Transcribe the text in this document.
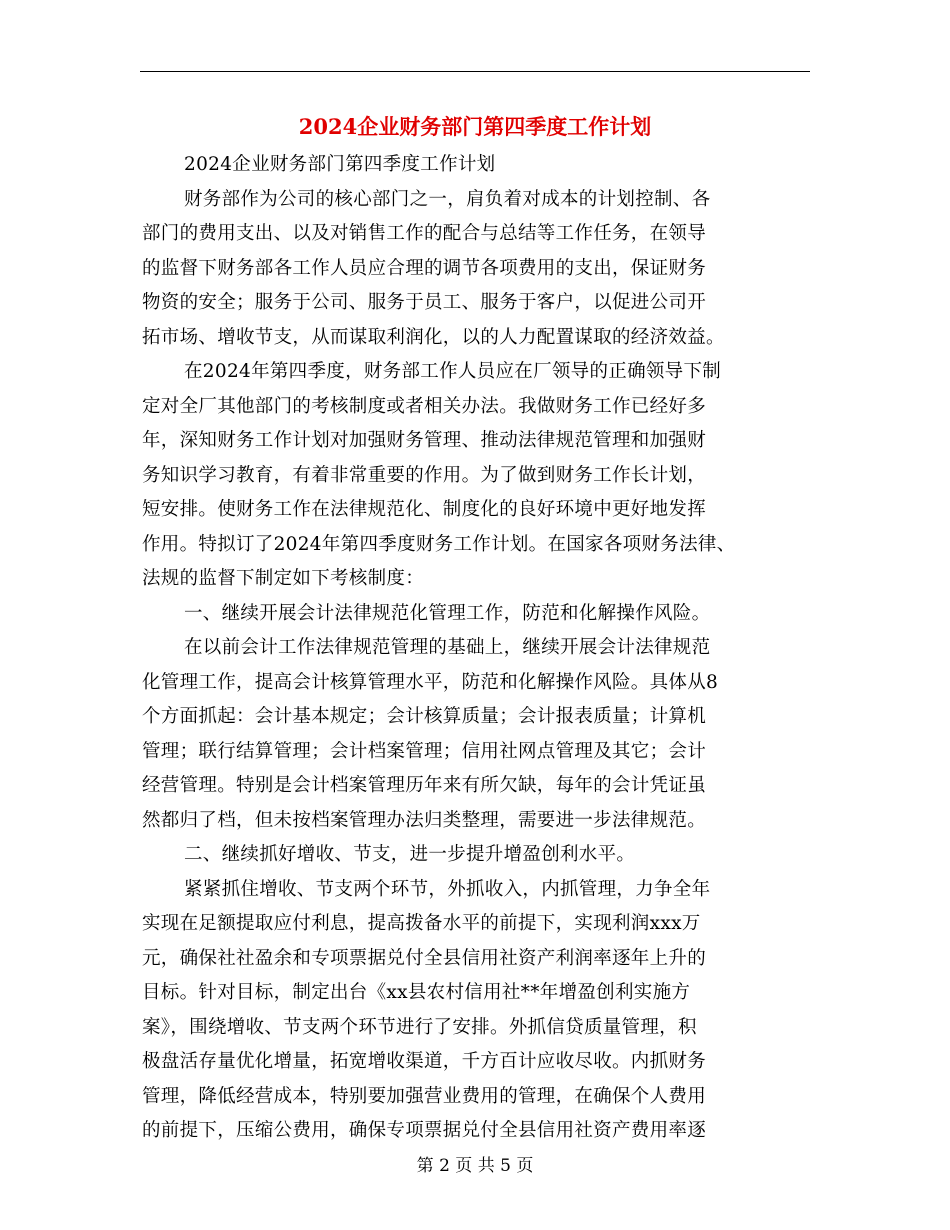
2024企业财务部门第四季度工作计划
2024企业财务部门第四季度工作计划
财务部作为公司的核心部门之一，肩负着对成本的计划控制、各
部门的费用支出、以及对销售工作的配合与总结等工作任务，在领导
的监督下财务部各工作人员应合理的调节各项费用的支出，保证财务
物资的安全；服务于公司、服务于员工、服务于客户，以促进公司开
拓市场、增收节支，从而谋取利润化，以的人力配置谋取的经济效益。
在2024年第四季度，财务部工作人员应在厂领导的正确领导下制
定对全厂其他部门的考核制度或者相关办法。我做财务工作已经好多
年，深知财务工作计划对加强财务管理、推动法律规范管理和加强财
务知识学习教育，有着非常重要的作用。为了做到财务工作长计划，
短安排。使财务工作在法律规范化、制度化的良好环境中更好地发挥
作用。特拟订了2024年第四季度财务工作计划。在国家各项财务法律、
法规的监督下制定如下考核制度：
一、继续开展会计法律规范化管理工作，防范和化解操作风险。
在以前会计工作法律规范管理的基础上，继续开展会计法律规范
化管理工作，提高会计核算管理水平，防范和化解操作风险。具体从8
个方面抓起：会计基本规定；会计核算质量；会计报表质量；计算机
管理；联行结算管理；会计档案管理；信用社网点管理及其它；会计
经营管理。特别是会计档案管理历年来有所欠缺，每年的会计凭证虽
然都归了档，但未按档案管理办法归类整理，需要进一步法律规范。
二、继续抓好增收、节支，进一步提升增盈创利水平。
紧紧抓住增收、节支两个环节，外抓收入，内抓管理，力争全年
实现在足额提取应付利息，提高拨备水平的前提下，实现利润xxx万
元，确保社社盈余和专项票据兑付全县信用社资产利润率逐年上升的
目标。针对目标，制定出台《xx县农村信用社**年增盈创利实施方
案》，围绕增收、节支两个环节进行了安排。外抓信贷质量管理，积
极盘活存量优化增量，拓宽增收渠道，千方百计应收尽收。内抓财务
管理，降低经营成本，特别要加强营业费用的管理，在确保个人费用
的前提下，压缩公费用，确保专项票据兑付全县信用社资产费用率逐
第 2 页 共 5 页
